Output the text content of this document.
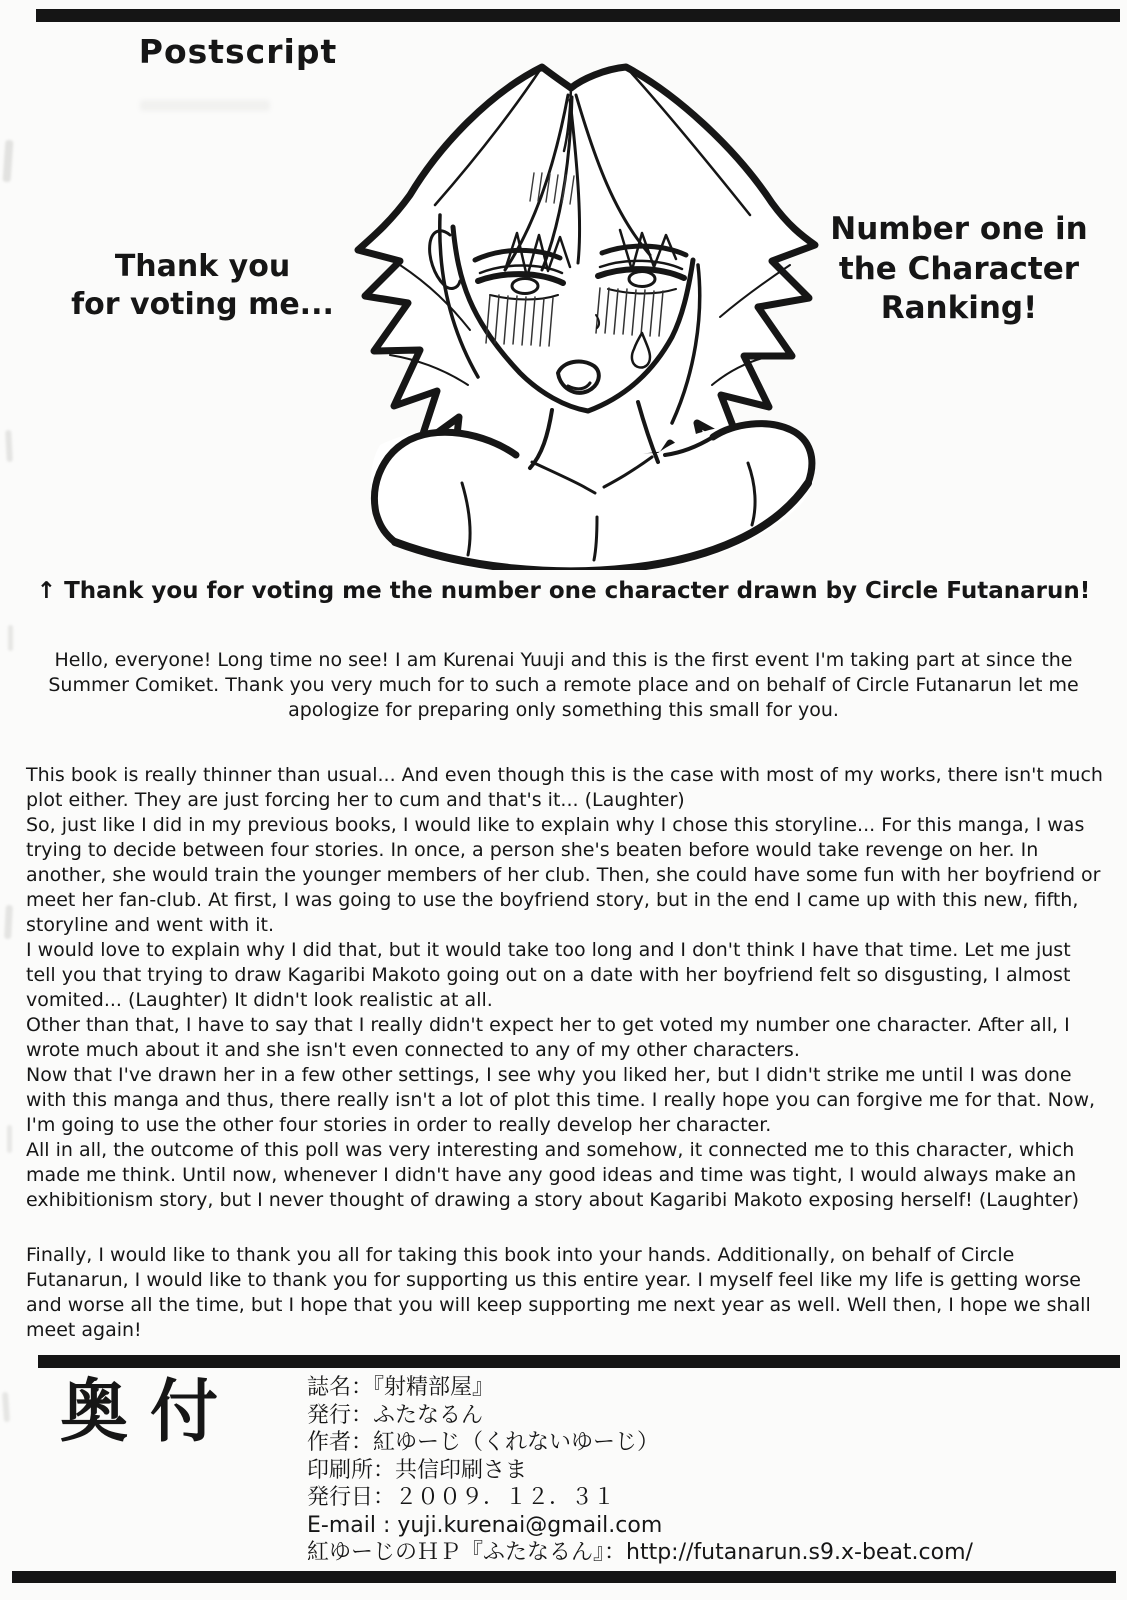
Postscript
Thank you
for voting me...
Number one in
the Character
Ranking!
↑ Thank you for voting me the number one character drawn by Circle Futanarun!

Hello, everyone! Long time no see! I am Kurenai Yuuji and this is the first event I'm taking part at since the Summer Comiket. Thank you very much for to such a remote place and on behalf of Circle Futanarun let me apologize for preparing only something this small for you.

This book is really thinner than usual... And even though this is the case with most of my works, there isn't much plot either. They are just forcing her to cum and that's it... (Laughter)

So, just like I did in my previous books, I would like to explain why I chose this storyline... For this manga, I was trying to decide between four stories. In once, a person she's beaten before would take revenge on her. In another, she would train the younger members of her club. Then, she could have some fun with her boyfriend or meet her fan-club. At first, I was going to use the boyfriend story, but in the end I came up with this new, fifth, storyline and went with it.

I would love to explain why I did that, but it would take too long and I don't think I have that time. Let me just tell you that trying to draw Kagaribi Makoto going out on a date with her boyfriend felt so disgusting, I almost vomited... (Laughter) It didn't look realistic at all.

Other than that, I have to say that I really didn't expect her to get voted my number one character. After all, I wrote much about it and she isn't even connected to any of my other characters.

Now that I've drawn her in a few other settings, I see why you liked her, but I didn't strike me until I was done with this manga and thus, there really isn't a lot of plot this time. I really hope you can forgive me for that. Now, I'm going to use the other four stories in order to really develop her character.

All in all, the outcome of this poll was very interesting and somehow, it connected me to this character, which made me think. Until now, whenever I didn't have any good ideas and time was tight, I would always make an exhibitionism story, but I never thought of drawing a story about Kagaribi Makoto exposing herself! (Laughter)

Finally, I would like to thank you all for taking this book into your hands. Additionally, on behalf of Circle Futanarun, I would like to thank you for supporting us this entire year. I myself feel like my life is getting worse and worse all the time, but I hope that you will keep supporting me next year as well. Well then, I hope we shall meet again!

奥付	誌名：『射精部屋』
発行：ふたなるん
作者：紅ゆーじ（くれないゆーじ）
印刷所：共信印刷さま
発行日：２００９．１２．３１
E-mail : yuji.kurenai@gmail.com
紅ゆーじのＨＰ『ふたなるん』：http://futanarun.s9.x-beat.com/
